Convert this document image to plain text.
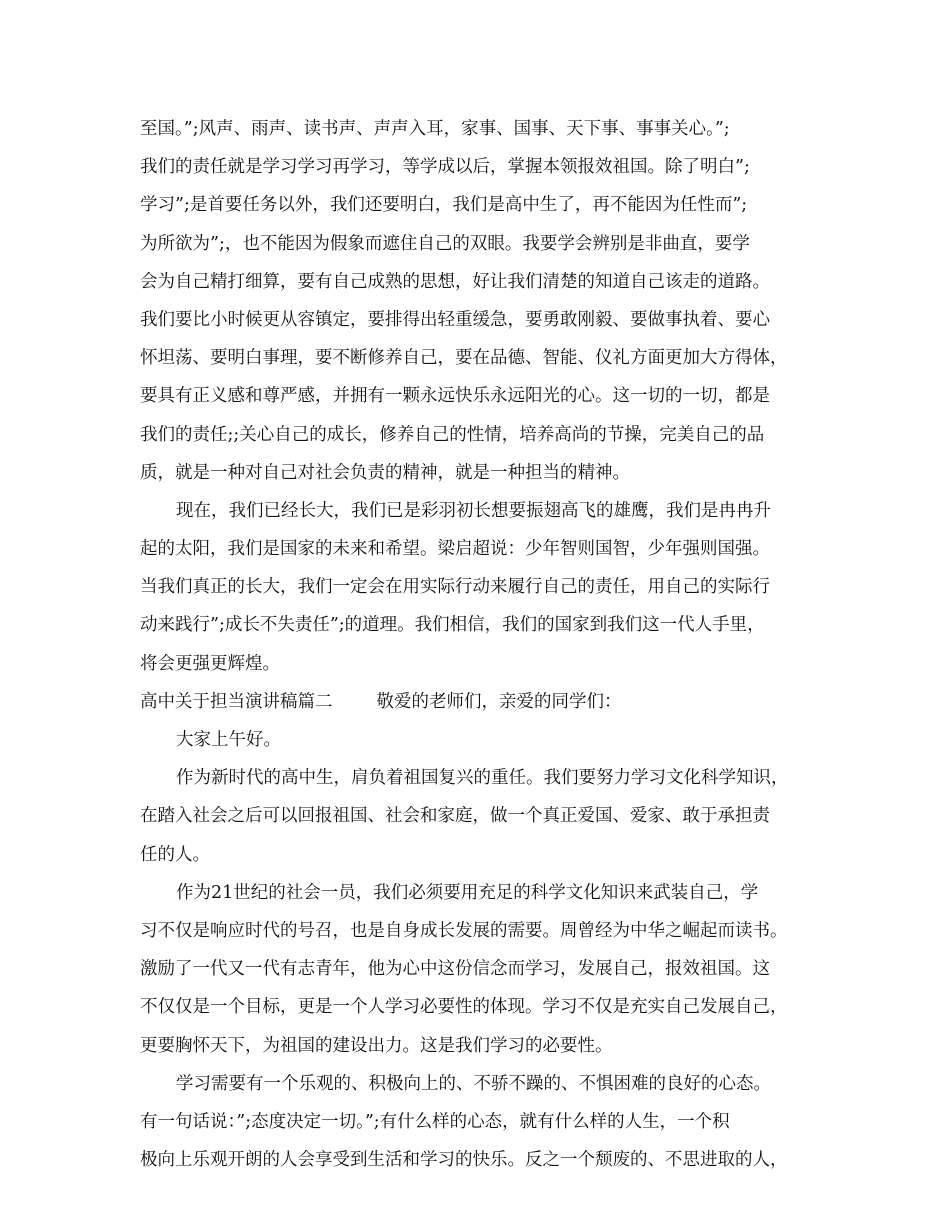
至国。”;风声、雨声、读书声、声声入耳，家事、国事、天下事、事事关心。”;
我们的责任就是学习学习再学习，等学成以后，掌握本领报效祖国。除了明白”;
学习”;是首要任务以外，我们还要明白，我们是高中生了，再不能因为任性而”;
为所欲为”;，也不能因为假象而遮住自己的双眼。我要学会辨别是非曲直，要学
会为自己精打细算，要有自己成熟的思想，好让我们清楚的知道自己该走的道路。
我们要比小时候更从容镇定，要排得出轻重缓急，要勇敢刚毅、要做事执着、要心
怀坦荡、要明白事理，要不断修养自己，要在品德、智能、仪礼方面更加大方得体，
要具有正义感和尊严感，并拥有一颗永远快乐永远阳光的心。这一切的一切，都是
我们的责任;;关心自己的成长，修养自己的性情，培养高尚的节操，完美自己的品
质，就是一种对自己对社会负责的精神，就是一种担当的精神。
现在，我们已经长大，我们已是彩羽初长想要振翅高飞的雄鹰，我们是冉冉升
起的太阳，我们是国家的未来和希望。梁启超说：少年智则国智，少年强则国强。
当我们真正的长大，我们一定会在用实际行动来履行自己的责任，用自己的实际行
动来践行”;成长不失责任”;的道理。我们相信，我们的国家到我们这一代人手里，
将会更强更辉煌。
高中关于担当演讲稿篇二	敬爱的老师们，亲爱的同学们：
大家上午好。
作为新时代的高中生，肩负着祖国复兴的重任。我们要努力学习文化科学知识，
在踏入社会之后可以回报祖国、社会和家庭，做一个真正爱国、爱家、敢于承担责
任的人。
作为21世纪的社会一员，我们必须要用充足的科学文化知识来武装自己，学
习不仅是响应时代的号召，也是自身成长发展的需要。周曾经为中华之崛起而读书。
激励了一代又一代有志青年，他为心中这份信念而学习，发展自己，报效祖国。这
不仅仅是一个目标，更是一个人学习必要性的体现。学习不仅是充实自己发展自己，
更要胸怀天下，为祖国的建设出力。这是我们学习的必要性。
学习需要有一个乐观的、积极向上的、不骄不躁的、不惧困难的良好的心态。
有一句话说：”;态度决定一切。”;有什么样的心态，就有什么样的人生，一个积
极向上乐观开朗的人会享受到生活和学习的快乐。反之一个颓废的、不思进取的人，
